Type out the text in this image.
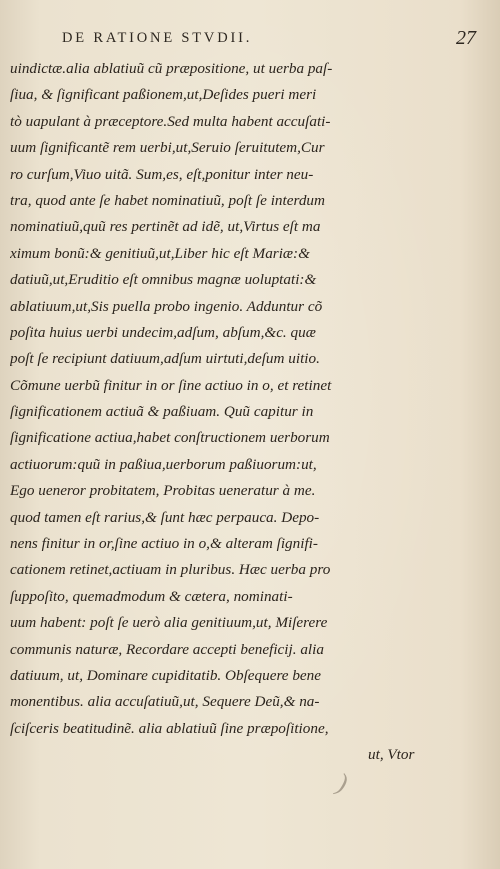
DE RATIONE STVDII.	27
uindictæ.alia ablatiuũ cũ præpositione, ut uerba paſ-
ſiua, & ſignificant paßionem,ut,Deſides pueri meri
tò uapulant à præceptore.Sed multa habent accuſati-
uum ſignificantẽ rem uerbi,ut,Seruio ſeruitutem,Cur
ro curſum,Viuo uitã. Sum,es, eſt,ponitur inter neu-
tra, quod ante ſe habet nominatiuũ, poſt ſe interdum
nominatiuũ,quũ res pertinẽt ad idẽ, ut,Virtus eſt ma
ximum bonũ:& genitiuũ,ut,Liber hic eſt Mariæ:&
datiuũ,ut,Eruditio eſt omnibus magnæ uoluptati:&
ablatiuum,ut,Sis puella probo ingenio. Adduntur cõ
poſita huius uerbi undecim,adſum, abſum,&c. quæ
poſt ſe recipiunt datiuum,adſum uirtuti,deſum uitio.
Cõmune uerbũ finitur in or ſine actiuo in o, et retinet
ſignificationem actiuã & paßiuam. Quũ capitur in
ſignificatione actiua,habet conſtructionem uerborum
actiuorum:quũ in paßiua,uerborum paßiuorum:ut,
Ego ueneror probitatem, Probitas ueneratur à me.
quod tamen eſt rarius,& ſunt hæc perpauca. Depo-
nens finitur in or,ſine actiuo in o,& alteram ſignifi-
cationem retinet,actiuam in pluribus. Hæc uerba pro
ſuppoſito, quemadmodum & cætera, nominati-
uum habent: poſt ſe uerò alia genitiuum,ut, Miſerere
communis naturæ, Recordare accepti beneficij. alia
datiuum, ut, Dominare cupiditatib. Obſequere bene
monentibus. alia accuſatiuũ,ut, Sequere Deũ,& na-
ſciſceris beatitudinẽ. alia ablatiuũ ſine præpoſitione,
ut, Vtor
)
